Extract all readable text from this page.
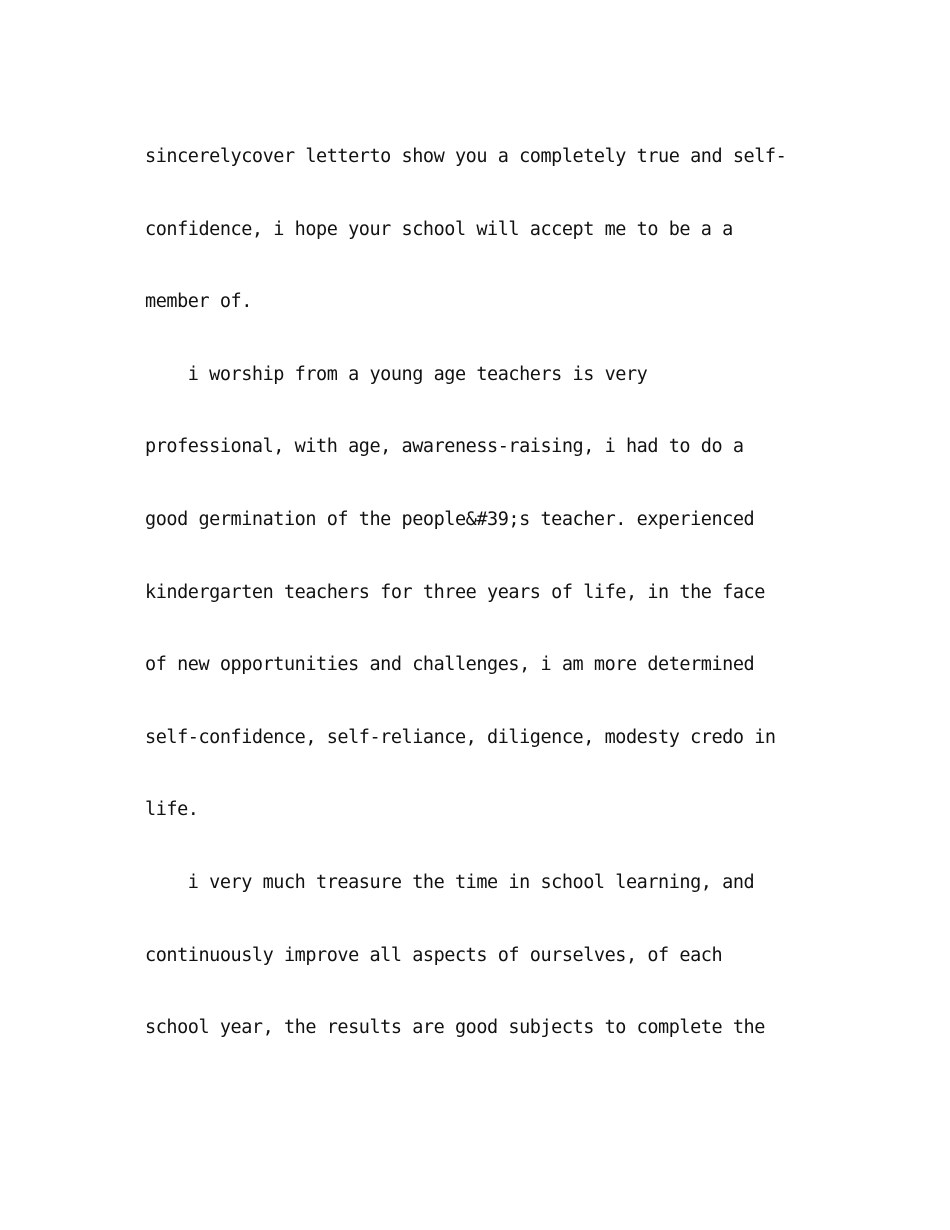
sincerelycover letterto show you a completely true and self-
confidence, i hope your school will accept me to be a a
member of.
i worship from a young age teachers is very
professional, with age, awareness-raising, i had to do a
good germination of the people&#39;s teacher. experienced
kindergarten teachers for three years of life, in the face
of new opportunities and challenges, i am more determined
self-confidence, self-reliance, diligence, modesty credo in
life.
i very much treasure the time in school learning, and
continuously improve all aspects of ourselves, of each
school year, the results are good subjects to complete the
